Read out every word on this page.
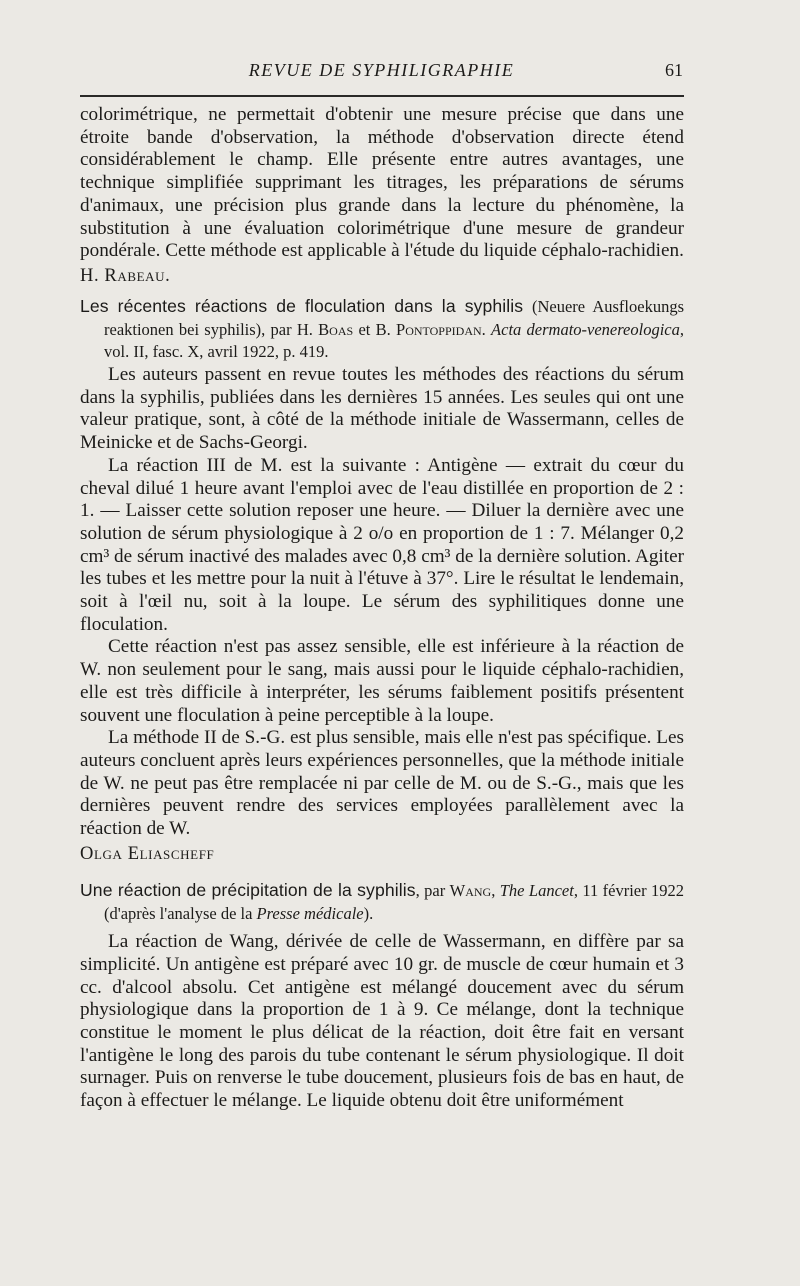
REVUE DE SYPHILIGRAPHIE	61

colorimétrique, ne permettait d'obtenir une mesure précise que dans une étroite bande d'observation, la méthode d'observation directe étend considérablement le champ. Elle présente entre autres avantages, une technique simplifiée supprimant les titrages, les préparations de sérums d'animaux, une précision plus grande dans la lecture du phénomène, la substitution à une évaluation colorimétrique d'une mesure de grandeur pondérale. Cette méthode est applicable à l'étude du liquide céphalo-rachidien.

H. Rabeau.

Les récentes réactions de floculation dans la syphilis (Neuere Ausfloekungs reaktionen bei syphilis), par H. Boas et B. Pontoppidan. Acta dermato-venereologica, vol. II, fasc. X, avril 1922, p. 419.

Les auteurs passent en revue toutes les méthodes des réactions du sérum dans la syphilis, publiées dans les dernières 15 années. Les seules qui ont une valeur pratique, sont, à côté de la méthode initiale de Wassermann, celles de Meinicke et de Sachs-Georgi.

La réaction III de M. est la suivante : Antigène — extrait du cœur du cheval dilué 1 heure avant l'emploi avec de l'eau distillée en proportion de 2 : 1. — Laisser cette solution reposer une heure. — Diluer la dernière avec une solution de sérum physiologique à 2 o/o en proportion de 1 : 7. Mélanger 0,2 cm³ de sérum inactivé des malades avec 0,8 cm³ de la dernière solution. Agiter les tubes et les mettre pour la nuit à l'étuve à 37°. Lire le résultat le lendemain, soit à l'œil nu, soit à la loupe. Le sérum des syphilitiques donne une floculation.

Cette réaction n'est pas assez sensible, elle est inférieure à la réaction de W. non seulement pour le sang, mais aussi pour le liquide céphalo-rachidien, elle est très difficile à interpréter, les sérums faiblement positifs présentent souvent une floculation à peine perceptible à la loupe.

La méthode II de S.-G. est plus sensible, mais elle n'est pas spécifique. Les auteurs concluent après leurs expériences personnelles, que la méthode initiale de W. ne peut pas être remplacée ni par celle de M. ou de S.-G., mais que les dernières peuvent rendre des services employées parallèlement avec la réaction de W.

Olga Eliascheff

Une réaction de précipitation de la syphilis, par Wang, The Lancet, 11 février 1922 (d'après l'analyse de la Presse médicale).

La réaction de Wang, dérivée de celle de Wassermann, en diffère par sa simplicité. Un antigène est préparé avec 10 gr. de muscle de cœur humain et 3 cc. d'alcool absolu. Cet antigène est mélangé doucement avec du sérum physiologique dans la proportion de 1 à 9. Ce mélange, dont la technique constitue le moment le plus délicat de la réaction, doit être fait en versant l'antigène le long des parois du tube contenant le sérum physiologique. Il doit surnager. Puis on renverse le tube doucement, plusieurs fois de bas en haut, de façon à effectuer le mélange. Le liquide obtenu doit être uniformément
